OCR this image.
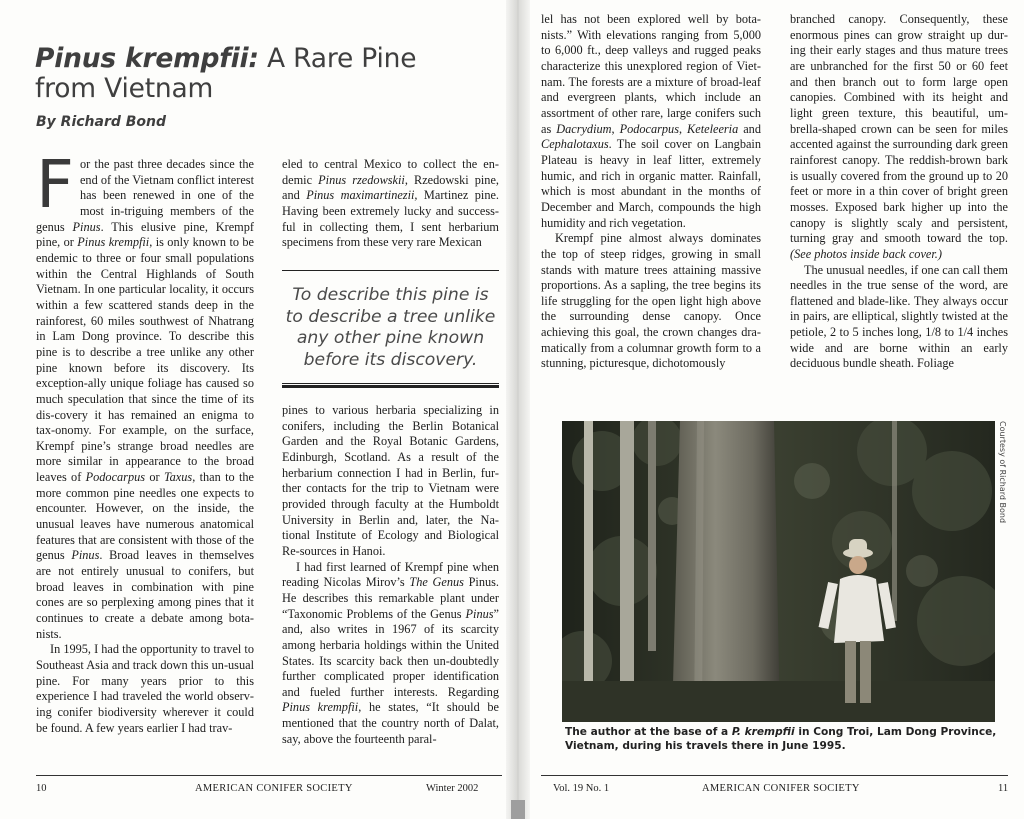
Pinus krempfii: A Rare Pine from Vietnam
By Richard Bond

For the past three decades since the end of the Vietnam conflict interest has been renewed in one of the most in-triguing members of the genus Pinus. This elusive pine, Krempf pine, or Pinus krempfii, is only known to be endemic to three or four small populations within the Central Highlands of South Vietnam. In one particular locality, it occurs within a few scattered stands deep in the rainforest, 60 miles southwest of Nhatrang in Lam Dong province. To describe this pine is to describe a tree unlike any other pine known before its discovery. Its exception-ally unique foliage has caused so much speculation that since the time of its dis-covery it has remained an enigma to tax-onomy. For example, on the surface, Krempf pine’s strange broad needles are more similar in appearance to the broad leaves of Podocarpus or Taxus, than to the more common pine needles one expects to encounter. However, on the inside, the unusual leaves have numerous anatomical features that are consistent with those of the genus Pinus. Broad leaves in themselves are not entirely unusual to conifers, but broad leaves in combination with pine cones are so perplexing among pines that it continues to create a debate among bota-nists.

In 1995, I had the opportunity to travel to Southeast Asia and track down this un-usual pine. For many years prior to this experience I had traveled the world observ-ing conifer biodiversity wherever it could be found. A few years earlier I had trav-

eled to central Mexico to collect the en-demic Pinus rzedowskii, Rzedowski pine, and Pinus maximartinezii, Martinez pine. Having been extremely lucky and success-ful in collecting them, I sent herbarium specimens from these very rare Mexican

To describe this pine is to describe a tree unlike any other pine known before its discovery.

pines to various herbaria specializing in conifers, including the Berlin Botanical Garden and the Royal Botanic Gardens, Edinburgh, Scotland. As a result of the herbarium connection I had in Berlin, fur-ther contacts for the trip to Vietnam were provided through faculty at the Humboldt University in Berlin and, later, the Na-tional Institute of Ecology and Biological Re-sources in Hanoi.

I had first learned of Krempf pine when reading Nicolas Mirov’s The Genus Pinus. He describes this remarkable plant under “Taxonomic Problems of the Genus Pinus” and, also writes in 1967 of its scarcity among herbaria holdings within the United States. Its scarcity back then un-doubtedly further complicated proper identification and fueled further interests. Regarding Pinus krempfii, he states, “It should be mentioned that the country north of Dalat, say, above the fourteenth paral-

10	AMERICAN CONIFER SOCIETY	Winter 2002

lel has not been explored well by bota-nists.” With elevations ranging from 5,000 to 6,000 ft., deep valleys and rugged peaks characterize this unexplored region of Viet-nam. The forests are a mixture of broad-leaf and evergreen plants, which include an assortment of other rare, large conifers such as Dacrydium, Podocarpus, Keteleeria and Cephalotaxus. The soil cover on Langbain Plateau is heavy in leaf litter, extremely humic, and rich in organic matter. Rainfall, which is most abundant in the months of December and March, compounds the high humidity and rich vegetation.

Krempf pine almost always dominates the top of steep ridges, growing in small stands with mature trees attaining massive proportions. As a sapling, the tree begins its life struggling for the open light high above the surrounding dense canopy. Once achieving this goal, the crown changes dra-matically from a columnar growth form to a stunning, picturesque, dichotomously

branched canopy. Consequently, these enormous pines can grow straight up dur-ing their early stages and thus mature trees are unbranched for the first 50 or 60 feet and then branch out to form large open canopies. Combined with its height and light green texture, this beautiful, um-brella-shaped crown can be seen for miles accented against the surrounding dark green rainforest canopy. The reddish-brown bark is usually covered from the ground up to 20 feet or more in a thin cover of bright green mosses. Exposed bark higher up into the canopy is slightly scaly and persistent, turning gray and smooth toward the top. (See photos inside back cover.)

The unusual needles, if one can call them needles in the true sense of the word, are flattened and blade-like. They always occur in pairs, are elliptical, slightly twisted at the petiole, 2 to 5 inches long, 1/8 to 1/4 inches wide and are borne within an early deciduous bundle sheath. Foliage

Courtesy of Richard Bond
The author at the base of a P. krempfii in Cong Troi, Lam Dong Province, Vietnam, during his travels there in June 1995.
Vol. 19 No. 1	AMERICAN CONIFER SOCIETY	11
